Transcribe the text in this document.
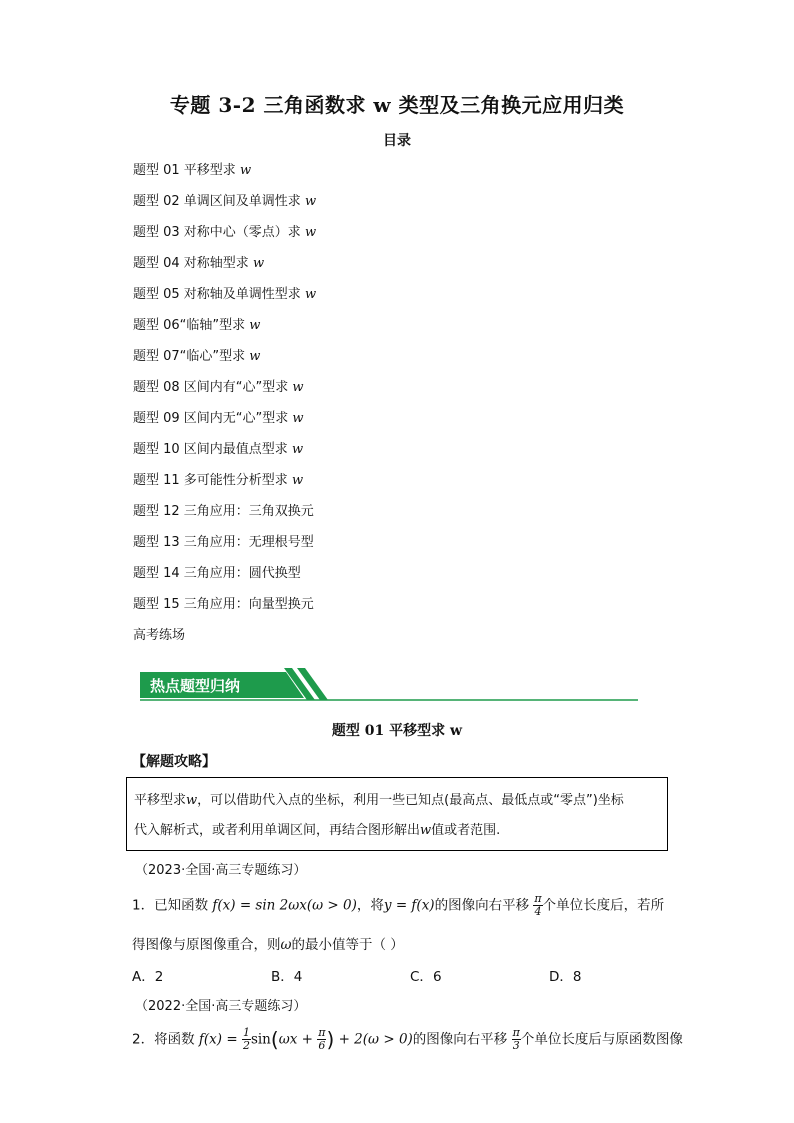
专题 3-2 三角函数求 w 类型及三角换元应用归类
目录
题型 01 平移型求 w
题型 02 单调区间及单调性求 w
题型 03 对称中心（零点）求 w
题型 04 对称轴型求 w
题型 05 对称轴及单调性型求 w
题型 06“临轴”型求 w
题型 07“临心”型求 w
题型 08 区间内有“心”型求 w
题型 09 区间内无“心”型求 w
题型 10 区间内最值点型求 w
题型 11 多可能性分析型求 w
题型 12 三角应用：三角双换元
题型 13 三角应用：无理根号型
题型 14 三角应用：圆代换型
题型 15 三角应用：向量型换元
高考练场
热点题型归纳
题型 01 平移型求 w
【解题攻略】
平移型求w，可以借助代入点的坐标，利用一些已知点(最高点、最低点或“零点”)坐标
代入解析式，或者利用单调区间，再结合图形解出w值或者范围.
（2023·全国·高三专题练习）
1．已知函数 f(x) = sin 2ωx(ω > 0)，将y = f(x)的图像向右平移 $\frac{\pi}{4}$ 个单位长度后，若所
得图像与原图像重合，则ω的最小值等于（ ）
A．2	B．4	C．6	D．8
（2022·全国·高三专题练习）
2．将函数 $f(x) = \frac{1}{2} \sin(\omega x + \frac{\pi}{6}$ ) + 2(ω > 0)的图像向右平移 $\frac{\pi}{3}$ 个单位长度后与原函数图像
